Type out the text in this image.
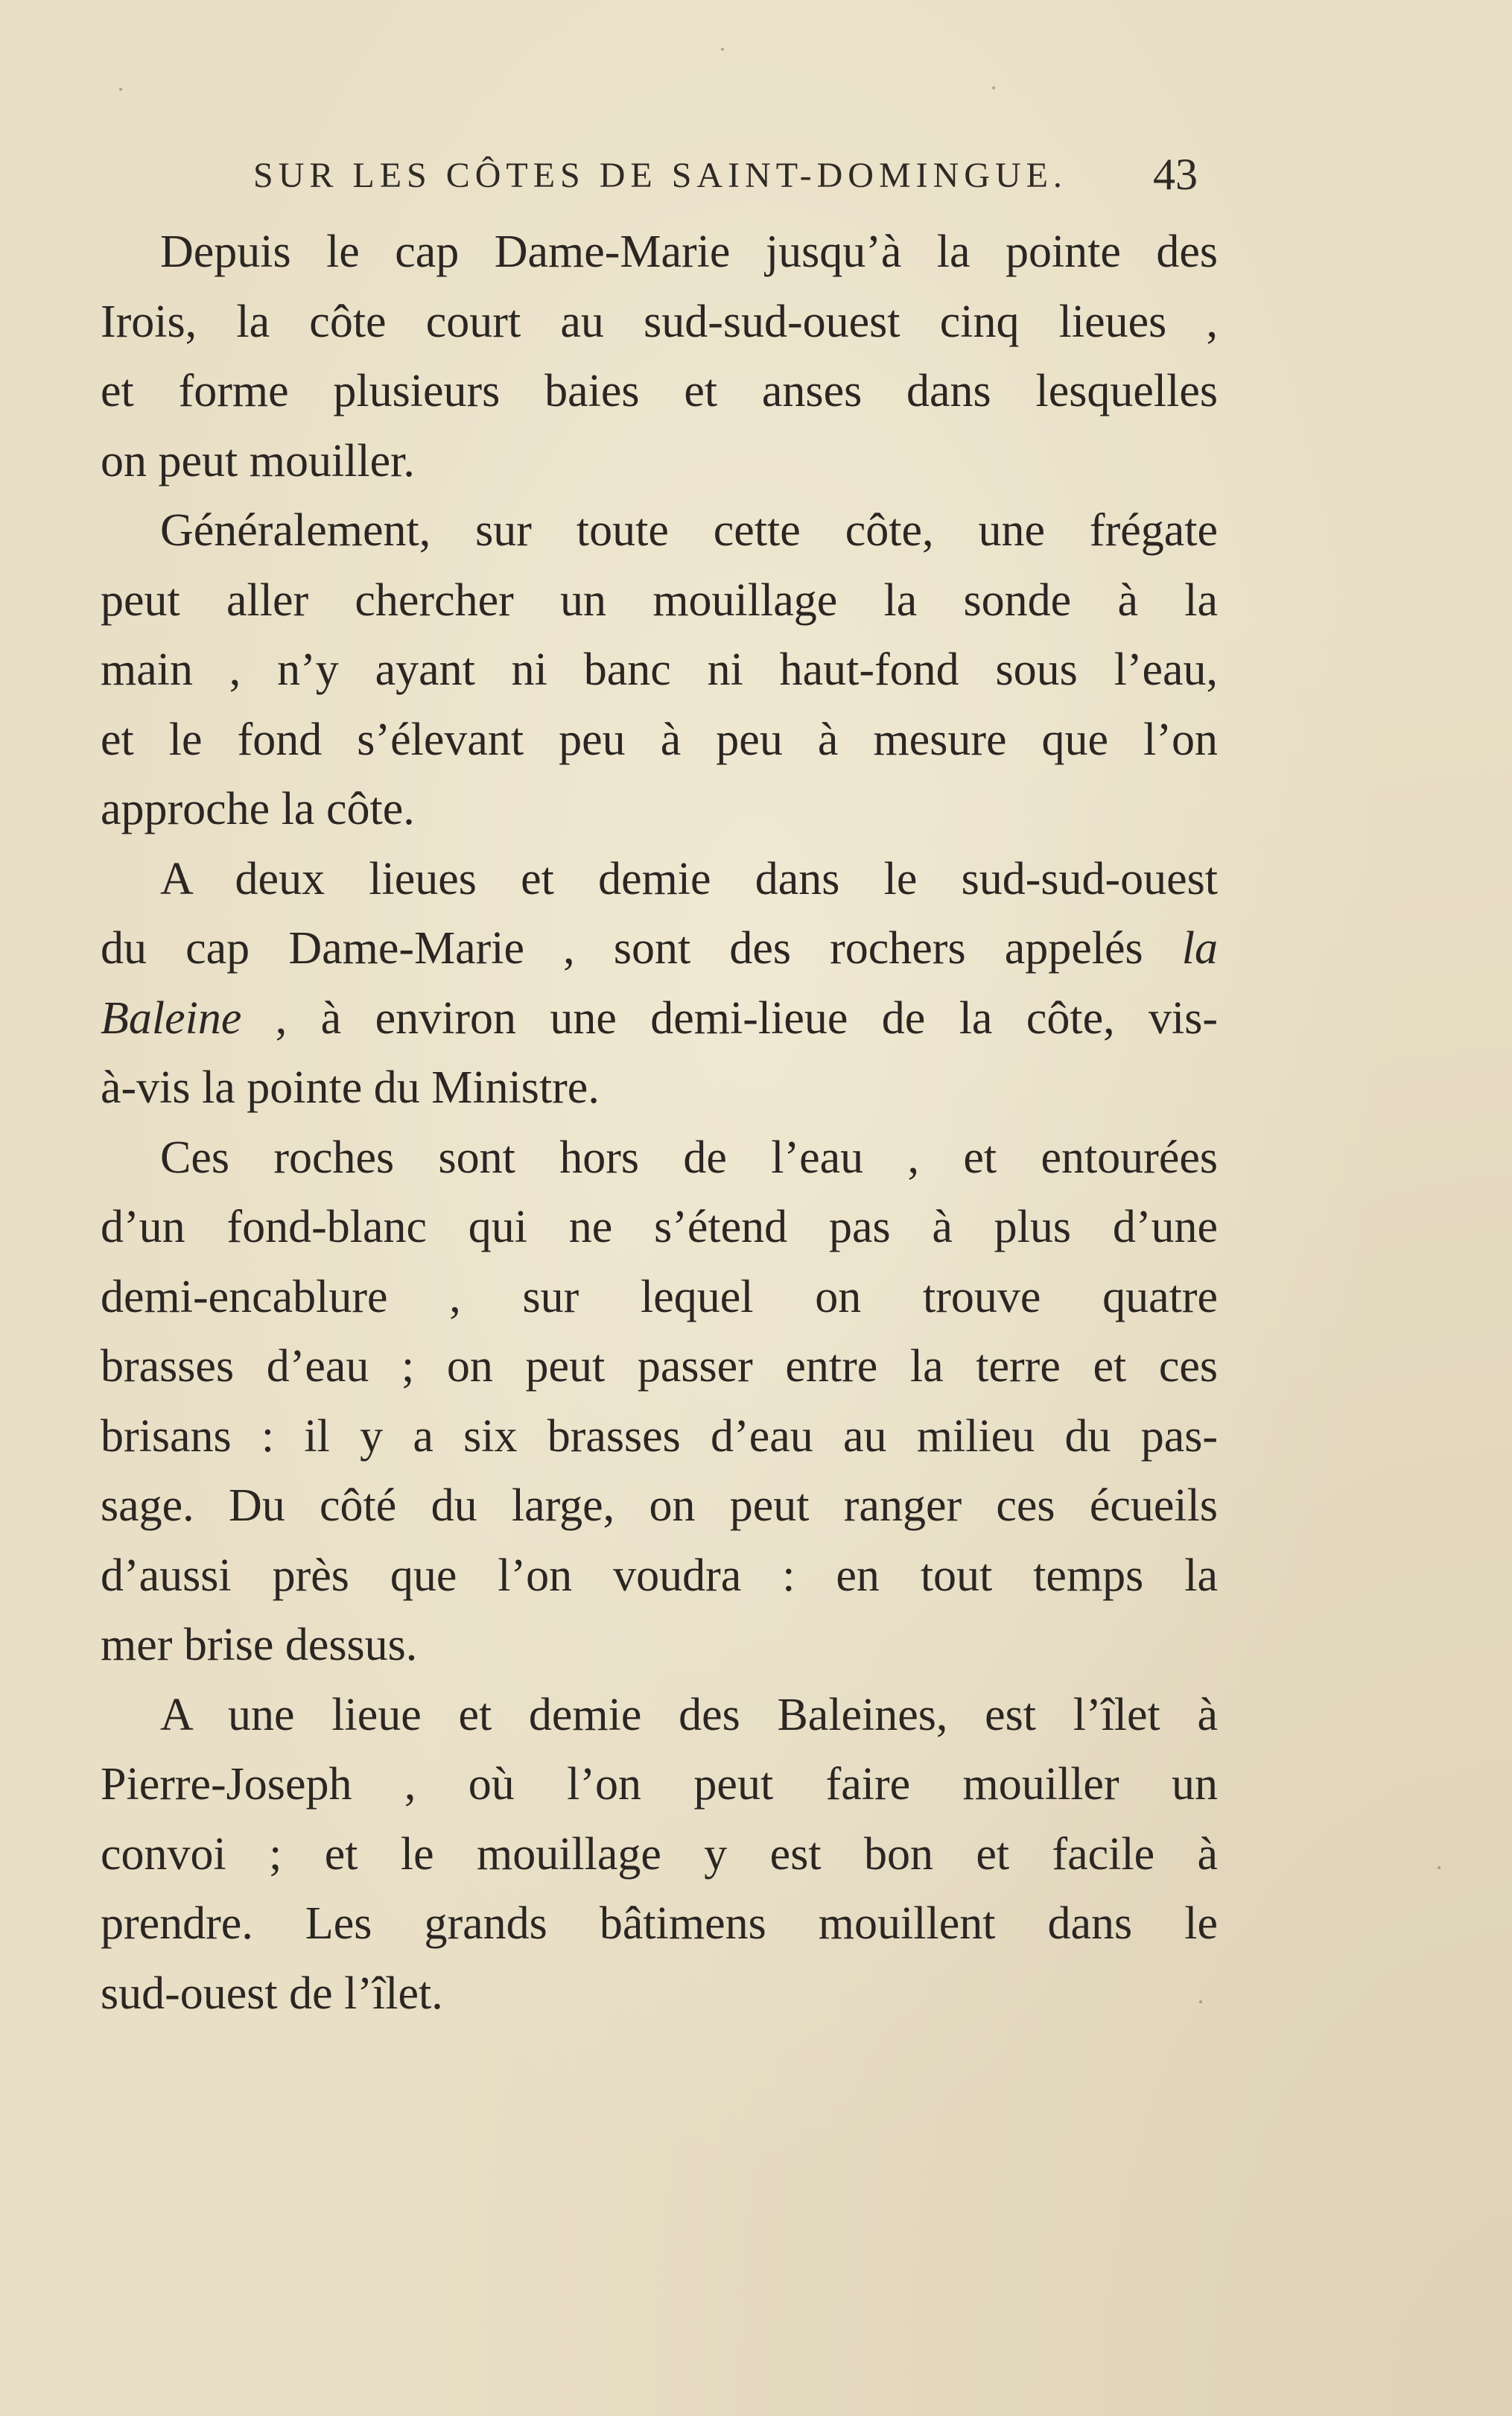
SUR LES CÔTES DE SAINT-DOMINGUE.	43
Depuis le cap Dame-Marie jusqu’à la pointe des
Irois, la côte court au sud-sud-ouest cinq lieues ,
et forme plusieurs baies et anses dans lesquelles
on peut mouiller.
Généralement, sur toute cette côte, une frégate
peut aller chercher un mouillage la sonde à la
main , n’y ayant ni banc ni haut-fond sous l’eau,
et le fond s’élevant peu à peu à mesure que l’on
approche la côte.
A deux lieues et demie dans le sud-sud-ouest
du cap Dame-Marie , sont des rochers appelés la
Baleine , à environ une demi-lieue de la côte, vis-
à-vis la pointe du Ministre.
Ces roches sont hors de l’eau , et entourées
d’un fond-blanc qui ne s’étend pas à plus d’une
demi-encablure , sur lequel on trouve quatre
brasses d’eau ; on peut passer entre la terre et ces
brisans : il y a six brasses d’eau au milieu du pas-
sage. Du côté du large, on peut ranger ces écueils
d’aussi près que l’on voudra : en tout temps la
mer brise dessus.
A une lieue et demie des Baleines, est l’îlet à
Pierre-Joseph , où l’on peut faire mouiller un
convoi ; et le mouillage y est bon et facile à
prendre. Les grands bâtimens mouillent dans le
sud-ouest de l’îlet.
